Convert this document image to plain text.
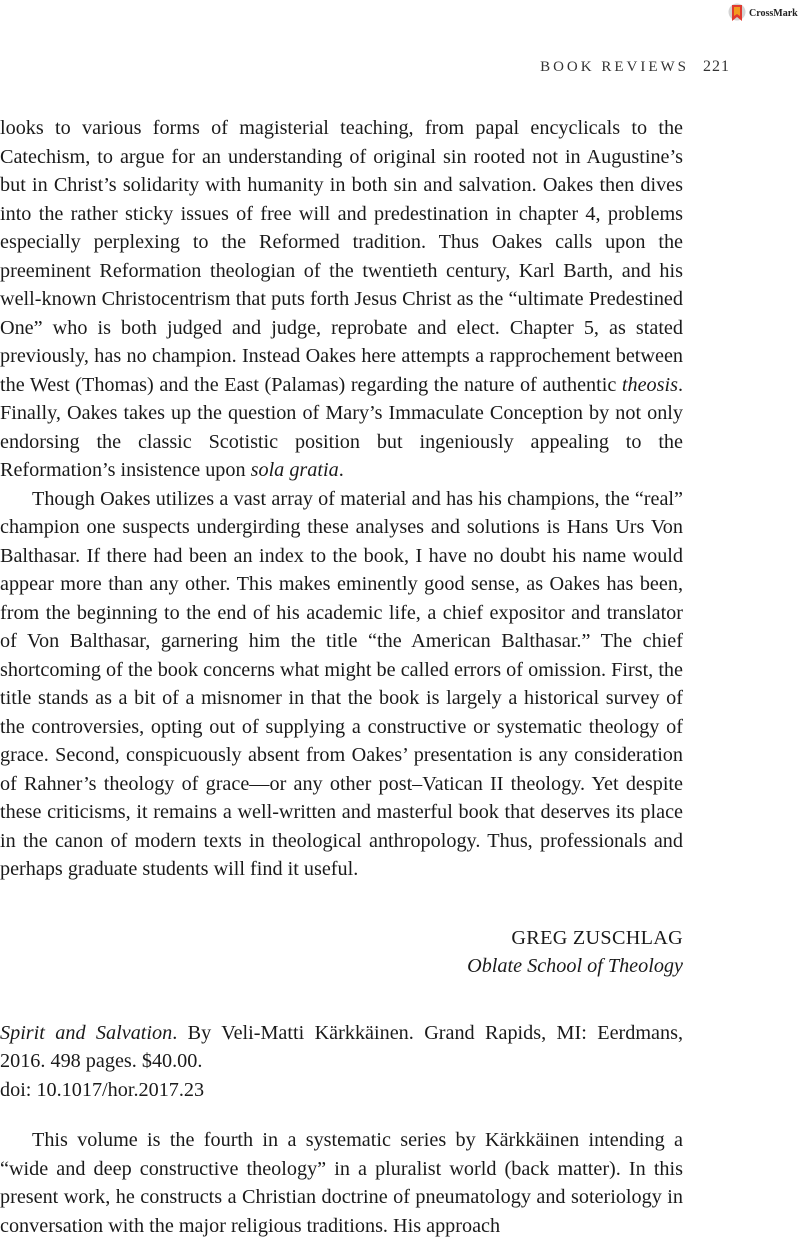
CrossMark
BOOK REVIEWS 221

looks to various forms of magisterial teaching, from papal encyclicals to the Catechism, to argue for an understanding of original sin rooted not in Augustine’s but in Christ’s solidarity with humanity in both sin and salvation. Oakes then dives into the rather sticky issues of free will and predestination in chapter 4, problems especially perplexing to the Reformed tradition. Thus Oakes calls upon the preeminent Reformation theologian of the twentieth century, Karl Barth, and his well-known Christocentrism that puts forth Jesus Christ as the “ultimate Predestined One” who is both judged and judge, reprobate and elect. Chapter 5, as stated previously, has no champion. Instead Oakes here attempts a rapprochement between the West (Thomas) and the East (Palamas) regarding the nature of authentic theosis. Finally, Oakes takes up the question of Mary’s Immaculate Conception by not only endorsing the classic Scotistic position but ingeniously appealing to the Reformation’s insistence upon sola gratia.

Though Oakes utilizes a vast array of material and has his champions, the “real” champion one suspects undergirding these analyses and solutions is Hans Urs Von Balthasar. If there had been an index to the book, I have no doubt his name would appear more than any other. This makes eminently good sense, as Oakes has been, from the beginning to the end of his academic life, a chief expositor and translator of Von Balthasar, garnering him the title “the American Balthasar.” The chief shortcoming of the book concerns what might be called errors of omission. First, the title stands as a bit of a misnomer in that the book is largely a historical survey of the controversies, opting out of supplying a constructive or systematic theology of grace. Second, conspicuously absent from Oakes’ presentation is any consideration of Rahner’s theology of grace—or any other post–Vatican II theology. Yet despite these criticisms, it remains a well-written and masterful book that deserves its place in the canon of modern texts in theological anthropology. Thus, professionals and perhaps graduate students will find it useful.

GREG ZUSCHLAG
Oblate School of Theology

Spirit and Salvation. By Veli-Matti Kärkkäinen. Grand Rapids, MI: Eerdmans, 2016. 498 pages. $40.00.

doi: 10.1017/hor.2017.23

This volume is the fourth in a systematic series by Kärkkäinen intending a “wide and deep constructive theology” in a pluralist world (back matter). In this present work, he constructs a Christian doctrine of pneumatology and soteriology in conversation with the major religious traditions. His approach
